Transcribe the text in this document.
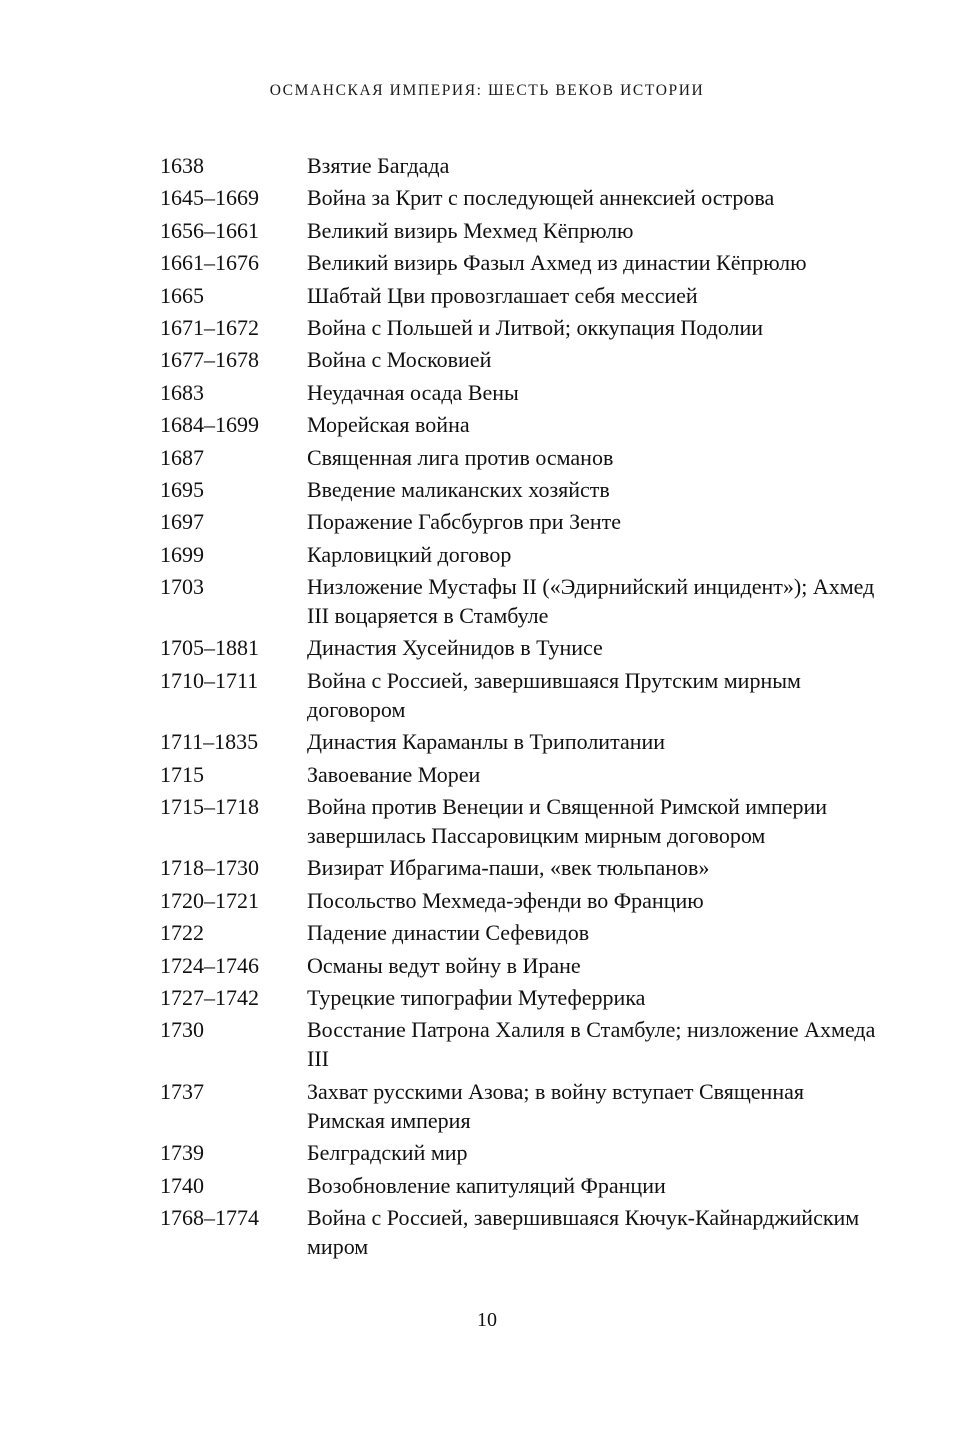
ОСМАНСКАЯ ИМПЕРИЯ: ШЕСТЬ ВЕКОВ ИСТОРИИ
1638	Взятие Багдада
1645–1669	Война за Крит с последующей аннексией острова
1656–1661	Великий визирь Мехмед Кёпрюлю
1661–1676	Великий визирь Фазыл Ахмед из династии Кёпрюлю
1665	Шабтай Цви провозглашает себя мессией
1671–1672	Война с Польшей и Литвой; оккупация Подолии
1677–1678	Война с Московией
1683	Неудачная осада Вены
1684–1699	Морейская война
1687	Священная лига против османов
1695	Введение маликанских хозяйств
1697	Поражение Габсбургов при Зенте
1699	Карловицкий договор
1703	Низложение Мустафы II («Эдирнийский инцидент»); Ахмед III воцаряется в Стамбуле
1705–1881	Династия Хусейнидов в Тунисе
1710–1711	Война с Россией, завершившаяся Прутским мирным договором
1711–1835	Династия Караманлы в Триполитании
1715	Завоевание Мореи
1715–1718	Война против Венеции и Священной Римской империи завершилась Пассаровицким мирным договором
1718–1730	Визират Ибрагима-паши, «век тюльпанов»
1720–1721	Посольство Мехмеда-эфенди во Францию
1722	Падение династии Сефевидов
1724–1746	Османы ведут войну в Иране
1727–1742	Турецкие типографии Мутеферрика
1730	Восстание Патрона Халиля в Стамбуле; низложение Ахмеда III
1737	Захват русскими Азова; в войну вступает Священная Римская империя
1739	Белградский мир
1740	Возобновление капитуляций Франции
1768–1774	Война с Россией, завершившаяся Кючук-Кайнарджийским миром
10
